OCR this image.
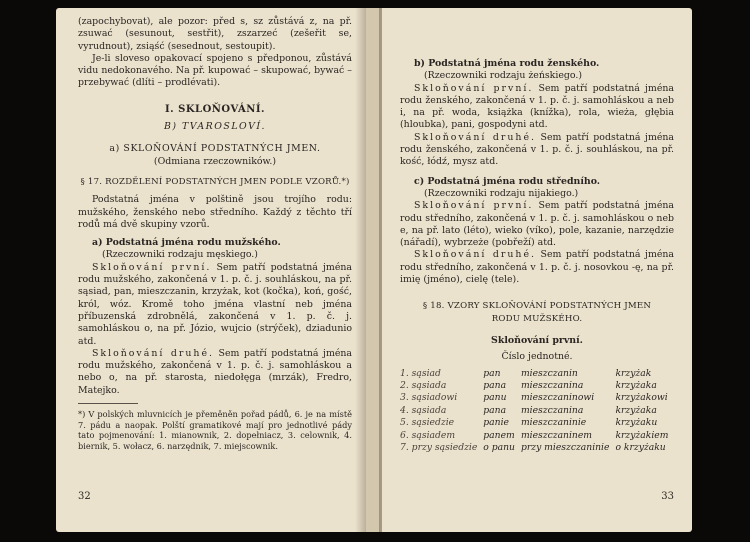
(zapochybovat), ale pozor: před s, sz zůstává z, na př. zsuwać (sesunout, sestřit), zszarzeć (zešeřit se, vyrudnout), zsiąść (sesednout, sestoupit).

Je-li sloveso opakovací spojeno s předponou, zůstává vidu nedokonavého. Na př. kupować – skupować, bywać – przebywać (dlíti – prodlévati).

I. SKLOŇOVÁNÍ.

B) TVAROSLOVÍ.

a) SKLOŇOVÁNÍ PODSTATNÝCH JMEN.

(Odmiana rzeczowników.)

§ 17. ROZDĚLENÍ PODSTATNÝCH JMEN PODLE VZORŮ.*)

Podstatná jména v polštině jsou trojího rodu: mužského, ženského nebo středního. Každý z těchto tří rodů má dvě skupiny vzorů.

a) Podstatná jména rodu mužského.

(Rzeczowniki rodzaju męskiego.)

Skloňování první. Sem patří podstatná jména rodu mužského, zakončená v 1. p. č. j. souhláskou, na př. sąsiad, pan, mieszczanin, krzyżak, kot (kočka), koń, gość, król, wóz. Kromě toho jména vlastní neb jména příbuzenská zdrobnělá, zakončená v 1. p. č. j. samohláskou o, na př. Józio, wujcio (strýček), dziadunio atd.

Skloňování druhé. Sem patří podstatná jména rodu mužského, zakončená v 1. p. č. j. samohláskou a nebo o, na př. starosta, niedołęga (mrzák), Fredro, Matejko.

*) V polských mluvnicích je přeměněn pořad pádů, 6. je na místě 7. pádu a naopak. Polští gramatikové mají pro jednotlivé pády tato pojmenování: 1. mianownik, 2. dopełniacz, 3. celownik, 4. biernik, 5. wołacz, 6. narzędnik, 7. miejscownik.

32

b) Podstatná jména rodu ženského.

(Rzeczowniki rodzaju żeńskiego.)

Skloňování první. Sem patří podstatná jména rodu ženského, zakončená v 1. p. č. j. samohláskou a neb i, na př. woda, książka (knížka), rola, wieża, głębia (hloubka), pani, gospodyni atd.

Skloňování druhé. Sem patří podstatná jména rodu ženského, zakončená v 1. p. č. j. souhláskou, na př. kość, łódź, mysz atd.

c) Podstatná jména rodu středního.

(Rzeczowniki rodzaju nijakiego.)

Skloňování první. Sem patří podstatná jména rodu středního, zakončená v 1. p. č. j. samohláskou o neb e, na př. lato (léto), wieko (víko), pole, kazanie, narzędzie (nářadí), wybrzeże (pobřeží) atd.

Skloňování druhé. Sem patří podstatná jména rodu středního, zakončená v 1. p. č. j. nosovkou -ę, na př. imię (jméno), cielę (tele).

§ 18. VZORY SKLOŇOVÁNÍ PODSTATNÝCH JMEN

RODU MUŽSKÉHO.

Skloňování první.

Číslo jednotné.

1. sąsiad	pan	mieszczanin	krzyżak
2. sąsiada	pana	mieszczanina	krzyżaka
3. sąsiadowi	panu	mieszczaninowi	krzyżakowi
4. sąsiada	pana	mieszczanina	krzyżaka
5. sąsiedzie	panie	mieszczaninie	krzyżaku
6. sąsiadem	panem	mieszczaninem	krzyżakiem
7. przy sąsiedzie	o panu	przy mieszczaninie	o krzyżaku
33
